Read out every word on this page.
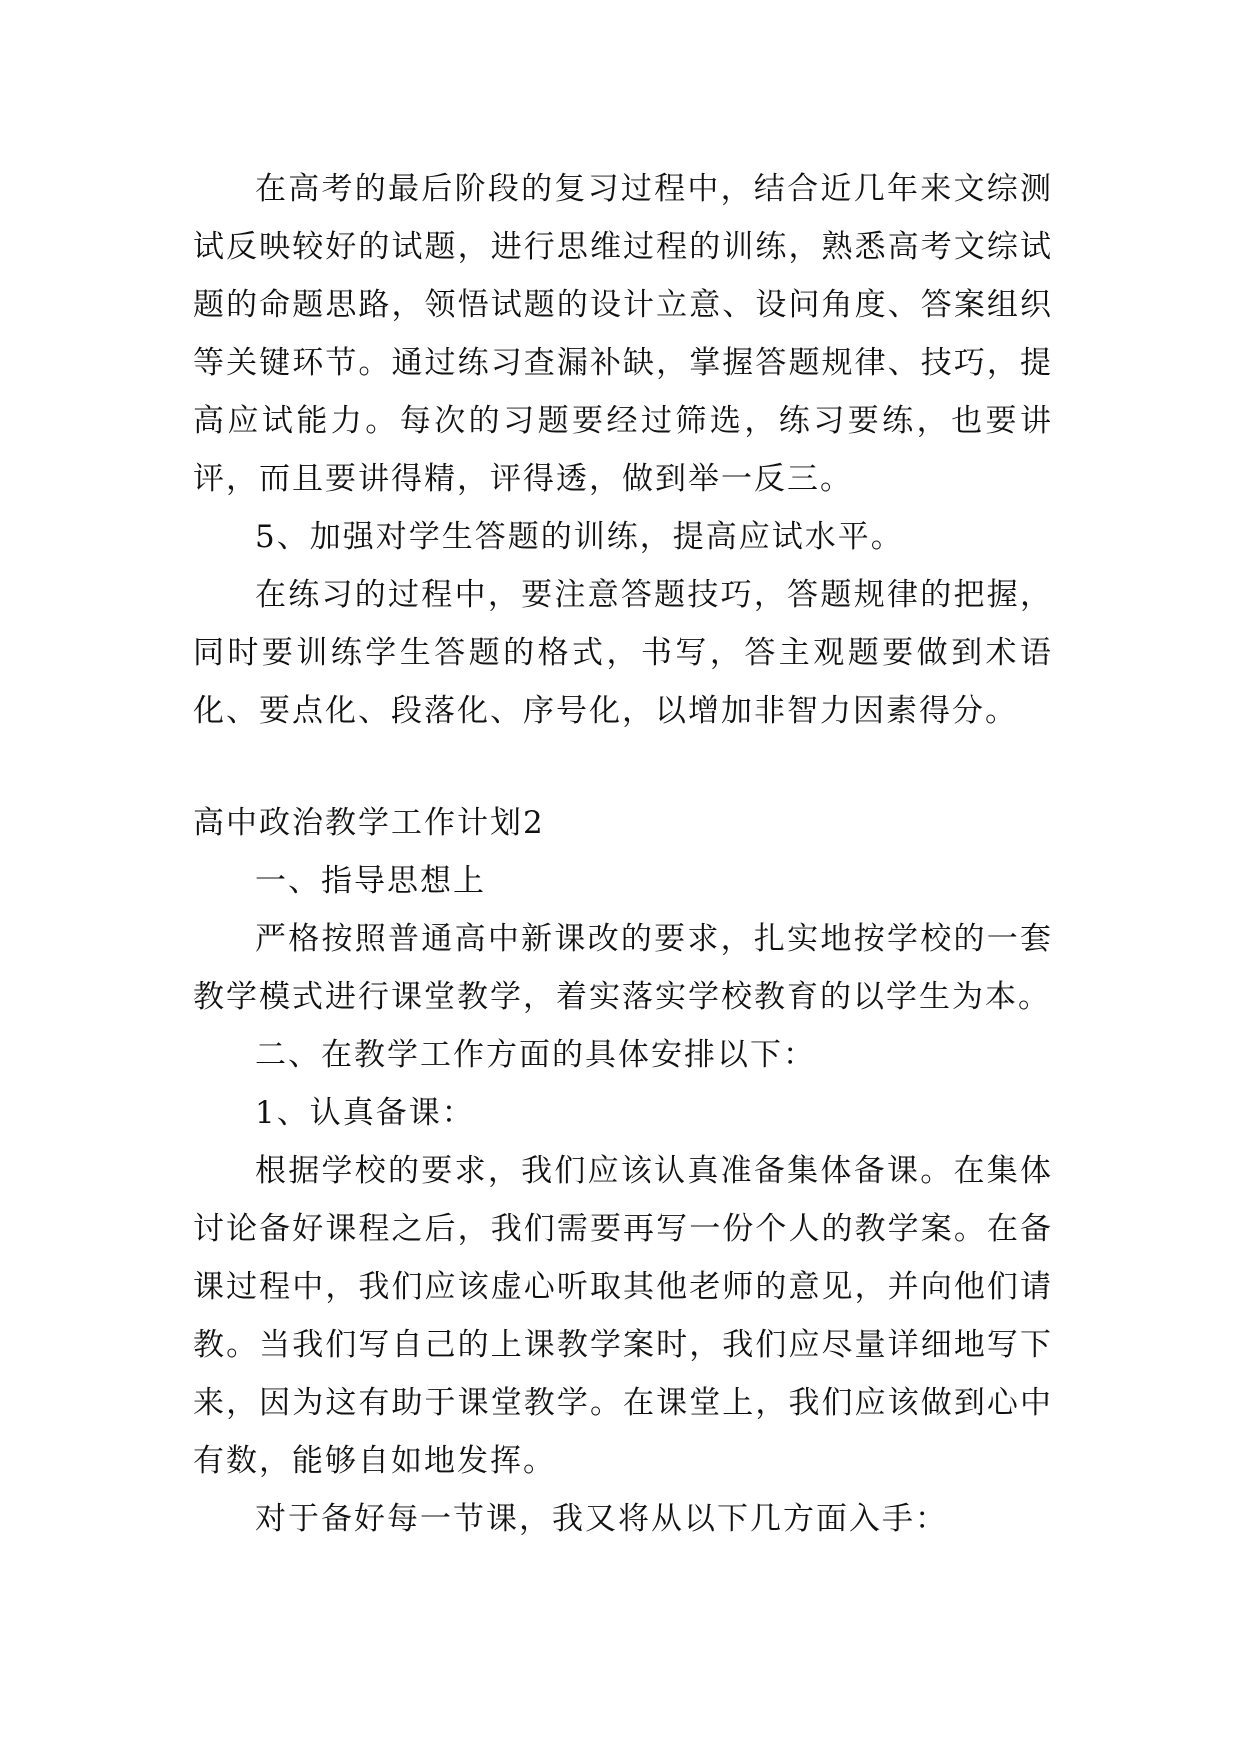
在高考的最后阶段的复习过程中，结合近几年来文综测试反映较好的试题，进行思维过程的训练，熟悉高考文综试题的命题思路，领悟试题的设计立意、设问角度、答案组织等关键环节。通过练习查漏补缺，掌握答题规律、技巧，提高应试能力。每次的习题要经过筛选，练习要练，也要讲评，而且要讲得精，评得透，做到举一反三。

5、加强对学生答题的训练，提高应试水平。

在练习的过程中，要注意答题技巧，答题规律的把握，同时要训练学生答题的格式，书写，答主观题要做到术语化、要点化、段落化、序号化，以增加非智力因素得分。

高中政治教学工作计划2

一、指导思想上

严格按照普通高中新课改的要求，扎实地按学校的一套教学模式进行课堂教学，着实落实学校教育的以学生为本。

二、在教学工作方面的具体安排以下：

1、认真备课：

根据学校的要求，我们应该认真准备集体备课。在集体讨论备好课程之后，我们需要再写一份个人的教学案。在备课过程中，我们应该虚心听取其他老师的意见，并向他们请教。当我们写自己的上课教学案时，我们应尽量详细地写下来，因为这有助于课堂教学。在课堂上，我们应该做到心中有数，能够自如地发挥。

对于备好每一节课，我又将从以下几方面入手：
